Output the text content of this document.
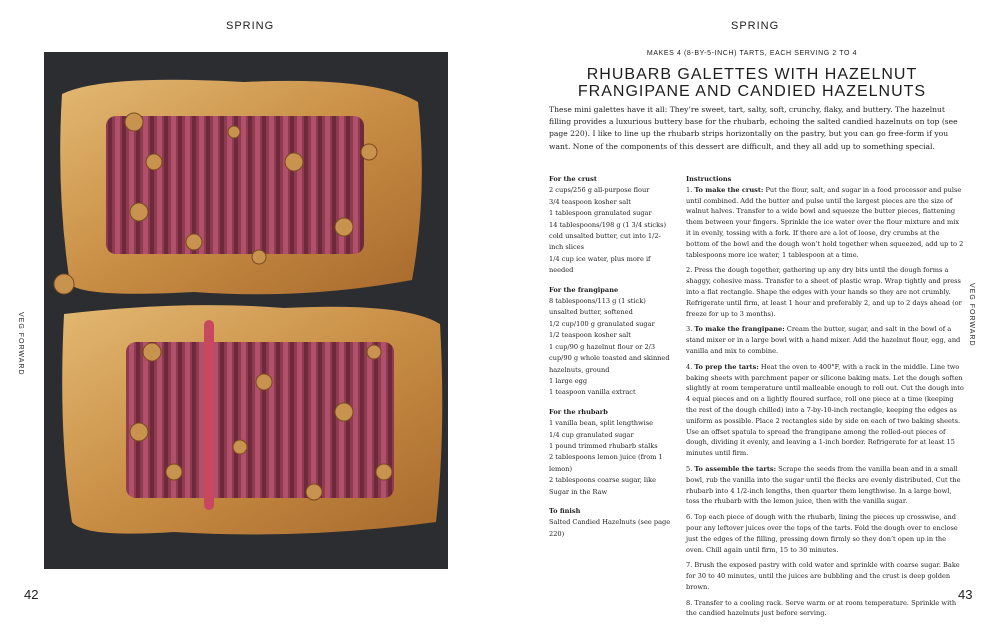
SPRING
VEG FORWARD
42
SPRING
VEG FORWARD
43
MAKES 4 (8-BY-5-INCH) TARTS, EACH SERVING 2 TO 4
RHUBARB GALETTES WITH HAZELNUT
FRANGIPANE AND CANDIED HAZELNUTS

These mini galettes have it all: They’re sweet, tart, salty, soft, crunchy, flaky, and buttery. The hazelnut filling provides a luxurious buttery base for the rhubarb, echoing the salted candied hazelnuts on top (see page 220). I like to line up the rhubarb strips horizontally on the pastry, but you can go free-form if you want. None of the components of this dessert are difficult, and they all add up to something special.

For the crust

2 cups/256 g all-purpose flour

3/4 teaspoon kosher salt

1 tablespoon granulated sugar

14 tablespoons/198 g (1 3/4 sticks) cold unsalted butter, cut into 1/2-inch slices

1/4 cup ice water, plus more if needed

For the frangipane

8 tablespoons/113 g (1 stick) unsalted butter, softened

1/2 cup/100 g granulated sugar

1/2 teaspoon kosher salt

1 cup/90 g hazelnut flour or 2/3 cup/90 g whole toasted and skinned hazelnuts, ground

1 large egg

1 teaspoon vanilla extract

For the rhubarb

1 vanilla bean, split lengthwise

1/4 cup granulated sugar

1 pound trimmed rhubarb stalks

2 tablespoons lemon juice (from 1 lemon)

2 tablespoons coarse sugar, like Sugar in the Raw

To finish

Salted Candied Hazelnuts (see page 220)

Instructions

1. To make the crust: Put the flour, salt, and sugar in a food processor and pulse until combined. Add the butter and pulse until the largest pieces are the size of walnut halves. Transfer to a wide bowl and squeeze the butter pieces, flattening them between your fingers. Sprinkle the ice water over the flour mixture and mix it in evenly, tossing with a fork. If there are a lot of loose, dry crumbs at the bottom of the bowl and the dough won’t hold together when squeezed, add up to 2 tablespoons more ice water, 1 tablespoon at a time.

2. Press the dough together, gathering up any dry bits until the dough forms a shaggy, cohesive mass. Transfer to a sheet of plastic wrap. Wrap tightly and press into a flat rectangle. Shape the edges with your hands so they are not crumbly. Refrigerate until firm, at least 1 hour and preferably 2, and up to 2 days ahead (or freeze for up to 3 months).

3. To make the frangipane: Cream the butter, sugar, and salt in the bowl of a stand mixer or in a large bowl with a hand mixer. Add the hazelnut flour, egg, and vanilla and mix to combine.

4. To prep the tarts: Heat the oven to 400°F, with a rack in the middle. Line two baking sheets with parchment paper or silicone baking mats. Let the dough soften slightly at room temperature until malleable enough to roll out. Cut the dough into 4 equal pieces and on a lightly floured surface, roll one piece at a time (keeping the rest of the dough chilled) into a 7-by-10-inch rectangle, keeping the edges as uniform as possible. Place 2 rectangles side by side on each of two baking sheets. Use an offset spatula to spread the frangipane among the rolled-out pieces of dough, dividing it evenly, and leaving a 1-inch border. Refrigerate for at least 15 minutes until firm.

5. To assemble the tarts: Scrape the seeds from the vanilla bean and in a small bowl, rub the vanilla into the sugar until the flecks are evenly distributed. Cut the rhubarb into 4 1/2-inch lengths, then quarter them lengthwise. In a large bowl, toss the rhubarb with the lemon juice, then with the vanilla sugar.

6. Top each piece of dough with the rhubarb, lining the pieces up crosswise, and pour any leftover juices over the tops of the tarts. Fold the dough over to enclose just the edges of the filling, pressing down firmly so they don’t open up in the oven. Chill again until firm, 15 to 30 minutes.

7. Brush the exposed pastry with cold water and sprinkle with coarse sugar. Bake for 30 to 40 minutes, until the juices are bubbling and the crust is deep golden brown.

8. Transfer to a cooling rack. Serve warm or at room temperature. Sprinkle with the candied hazelnuts just before serving.
